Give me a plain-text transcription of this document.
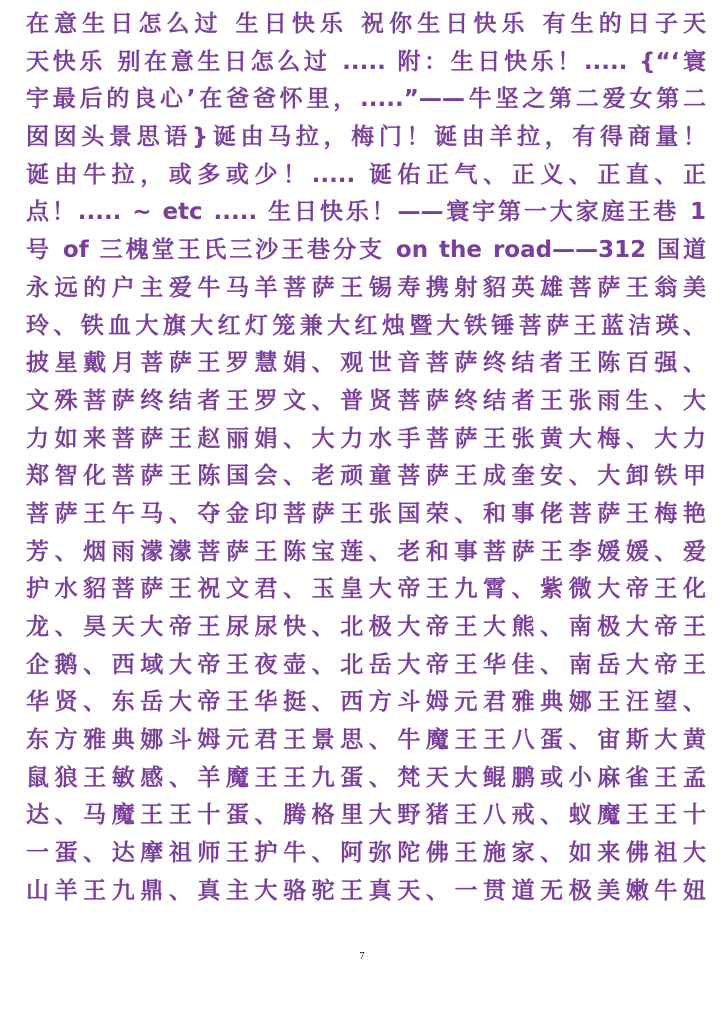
在意生日怎么过 生日快乐 祝你生日快乐 有生的日子天
天快乐 别在意生日怎么过 ..... 附：生日快乐！..... {“‘寰
宇最后的良心’在爸爸怀里，.....”——牛坚之第二爱女第二
囡囡头景思语}诞由马拉，梅门！诞由羊拉，有得商量！
诞由牛拉，或多或少！..... 诞佑正气、正义、正直、正
点！..... ~ etc ..... 生日快乐！——寰宇第一大家庭王巷 1
号 of 三槐堂王氏三沙王巷分支 on the road——312 国道
永远的户主爱牛马羊菩萨王锡寿携射貂英雄菩萨王翁美
玲、铁血大旗大红灯笼兼大红烛暨大铁锤菩萨王蓝洁瑛、
披星戴月菩萨王罗慧娟、观世音菩萨终结者王陈百强、
文殊菩萨终结者王罗文、普贤菩萨终结者王张雨生、大
力如来菩萨王赵丽娟、大力水手菩萨王张黄大梅、大力
郑智化菩萨王陈国会、老顽童菩萨王成奎安、大卸铁甲
菩萨王午马、夺金印菩萨王张国荣、和事佬菩萨王梅艳
芳、烟雨濛濛菩萨王陈宝莲、老和事菩萨王李媛媛、爱
护水貂菩萨王祝文君、玉皇大帝王九霄、紫微大帝王化
龙、昊天大帝王尿尿快、北极大帝王大熊、南极大帝王
企鹅、西域大帝王夜壶、北岳大帝王华佳、南岳大帝王
华贤、东岳大帝王华挺、西方斗姆元君雅典娜王汪望、
东方雅典娜斗姆元君王景思、牛魔王王八蛋、宙斯大黄
鼠狼王敏感、羊魔王王九蛋、梵天大鲲鹏或小麻雀王孟
达、马魔王王十蛋、腾格里大野猪王八戒、蚁魔王王十
一蛋、达摩祖师王护牛、阿弥陀佛王施家、如来佛祖大
山羊王九鼎、真主大骆驼王真天、一贯道无极美嫩牛妞
7
